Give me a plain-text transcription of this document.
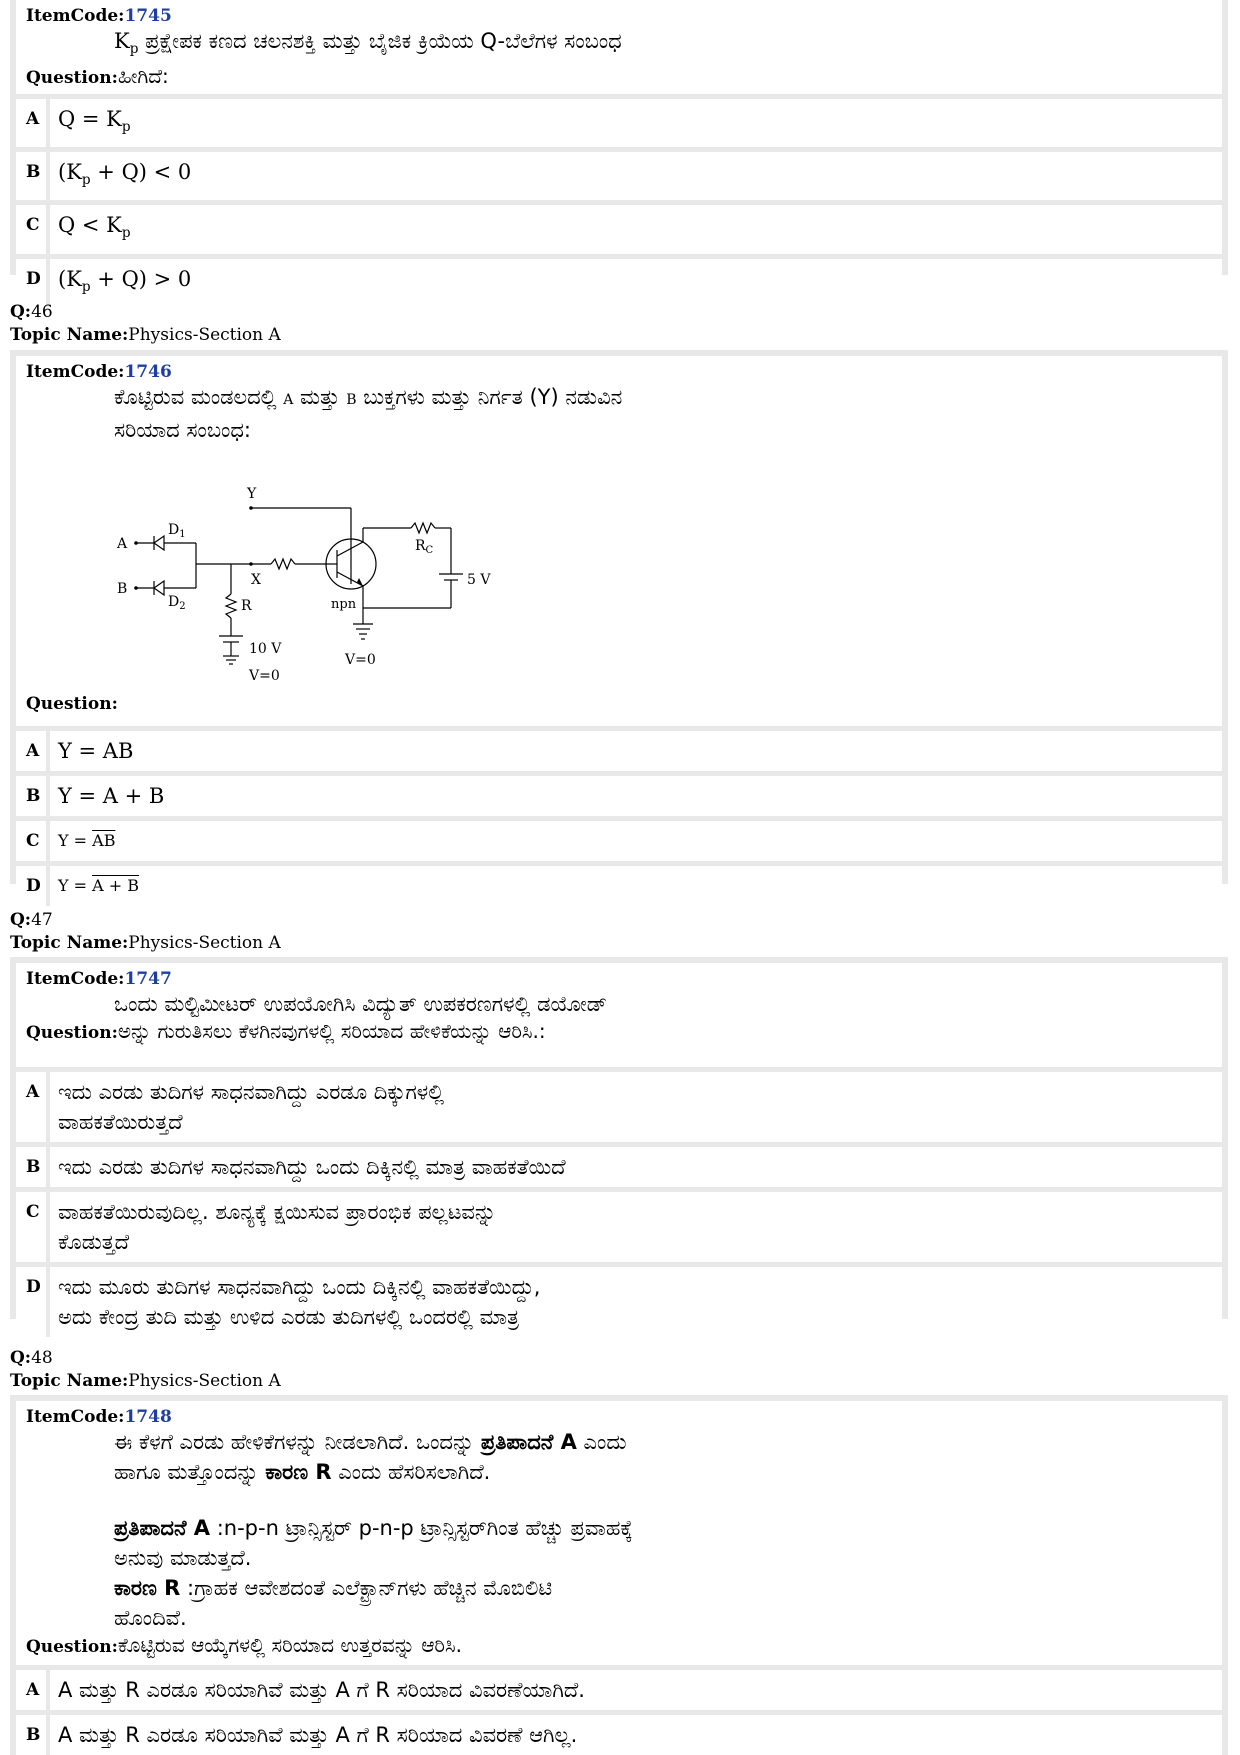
ItemCode:1745
$K_p$ ಪ್ರಕ್ಷೇಪಕ ಕಣದ ಚಲನಶಕ್ತಿ ಮತ್ತು ಬೈಜಿಕ ಕ್ರಿಯೆಯ Q-ಬೆಲೆಗಳ ಸಂಬಂಧ
Question:ಹೀಗಿದೆ:
A $Q = K_p$
B $(K_p + Q) < 0$
C $Q < K_p$
D $(K_p + Q) > 0$
Q:46
Topic Name:Physics-Section A
ItemCode:1746
ಕೊಟ್ಟಿರುವ ಮಂಡಲದಲ್ಲಿ A ಮತ್ತು B ಬುಕ್ತಗಳು ಮತ್ತು ನಿರ್ಗತ (Y) ನಡುವಿನ
ಸರಿಯಾದ ಸಂಬಂಧ:
Y
A
B
$D_1$
$D_2$
X
R
$R_C$
npn
5 V
10 V
V=0
V=0
Question:
A Y = AB
B Y = A + B
C	$Y = \overline{AB}$
D	Y = A + B
Q:47
Topic Name:Physics-Section A
ItemCode:1747
ಒಂದು ಮಲ್ಟಿಮೀಟರ್ ಉಪಯೋಗಿಸಿ ವಿದ್ಯುತ್ ಉಪಕರಣಗಳಲ್ಲಿ ಡಯೋಡ್
Question:ಅನ್ನು ಗುರುತಿಸಲು ಕೆಳಗಿನವುಗಳಲ್ಲಿ ಸರಿಯಾದ ಹೇಳಿಕೆಯನ್ನು ಆರಿಸಿ.:
A ಇದು ಎರಡು ತುದಿಗಳ ಸಾಧನವಾಗಿದ್ದು ಎರಡೂ ದಿಕ್ಕುಗಳಲ್ಲಿ
ವಾಹಕತೆಯಿರುತ್ತದೆ
B ಇದು ಎರಡು ತುದಿಗಳ ಸಾಧನವಾಗಿದ್ದು ಒಂದು ದಿಕ್ಕಿನಲ್ಲಿ ಮಾತ್ರ ವಾಹಕತೆಯಿದೆ
C ವಾಹಕತೆಯಿರುವುದಿಲ್ಲ. ಶೂನ್ಯಕ್ಕೆ ಕ್ಷಯಿಸುವ ಪ್ರಾರಂಭಿಕ ಪಲ್ಲಟವನ್ನು
ಕೊಡುತ್ತದೆ
D ಇದು ಮೂರು ತುದಿಗಳ ಸಾಧನವಾಗಿದ್ದು ಒಂದು ದಿಕ್ಕಿನಲ್ಲಿ ವಾಹಕತೆಯಿದ್ದು,
ಅದು ಕೇಂದ್ರ ತುದಿ ಮತ್ತು ಉಳಿದ ಎರಡು ತುದಿಗಳಲ್ಲಿ ಒಂದರಲ್ಲಿ ಮಾತ್ರ
Q:48
Topic Name:Physics-Section A
ItemCode:1748
ಈ ಕೆಳಗೆ ಎರಡು ಹೇಳಿಕೆಗಳನ್ನು ನೀಡಲಾಗಿದೆ. ಒಂದನ್ನು ಪ್ರತಿಪಾದನೆ A ಎಂದು
ಹಾಗೂ ಮತ್ತೊಂದನ್ನು ಕಾರಣ R ಎಂದು ಹೆಸರಿಸಲಾಗಿದೆ.
ಪ್ರತಿಪಾದನೆ A :n-p-n ಟ್ರಾನ್ಸಿಸ್ಟರ್ p-n-p ಟ್ರಾನ್ಸಿಸ್ಟರ್‌ಗಿಂತ ಹೆಚ್ಚು ಪ್ರವಾಹಕ್ಕೆ
ಅನುವು ಮಾಡುತ್ತದೆ.
ಕಾರಣ R :ಗ್ರಾಹಕ ಆವೇಶದಂತೆ ಎಲೆಕ್ಟ್ರಾನ್‌ಗಳು ಹೆಚ್ಚಿನ ಮೊಬಿಲಿಟಿ
ಹೊಂದಿವೆ.
Question:ಕೊಟ್ಟಿರುವ ಆಯ್ಕೆಗಳಲ್ಲಿ ಸರಿಯಾದ ಉತ್ತರವನ್ನು ಆರಿಸಿ.
A A ಮತ್ತು R ಎರಡೂ ಸರಿಯಾಗಿವೆ ಮತ್ತು A ಗೆ R ಸರಿಯಾದ ವಿವರಣೆಯಾಗಿದೆ.
B A ಮತ್ತು R ಎರಡೂ ಸರಿಯಾಗಿವೆ ಮತ್ತು A ಗೆ R ಸರಿಯಾದ ವಿವರಣೆ ಆಗಿಲ್ಲ.
